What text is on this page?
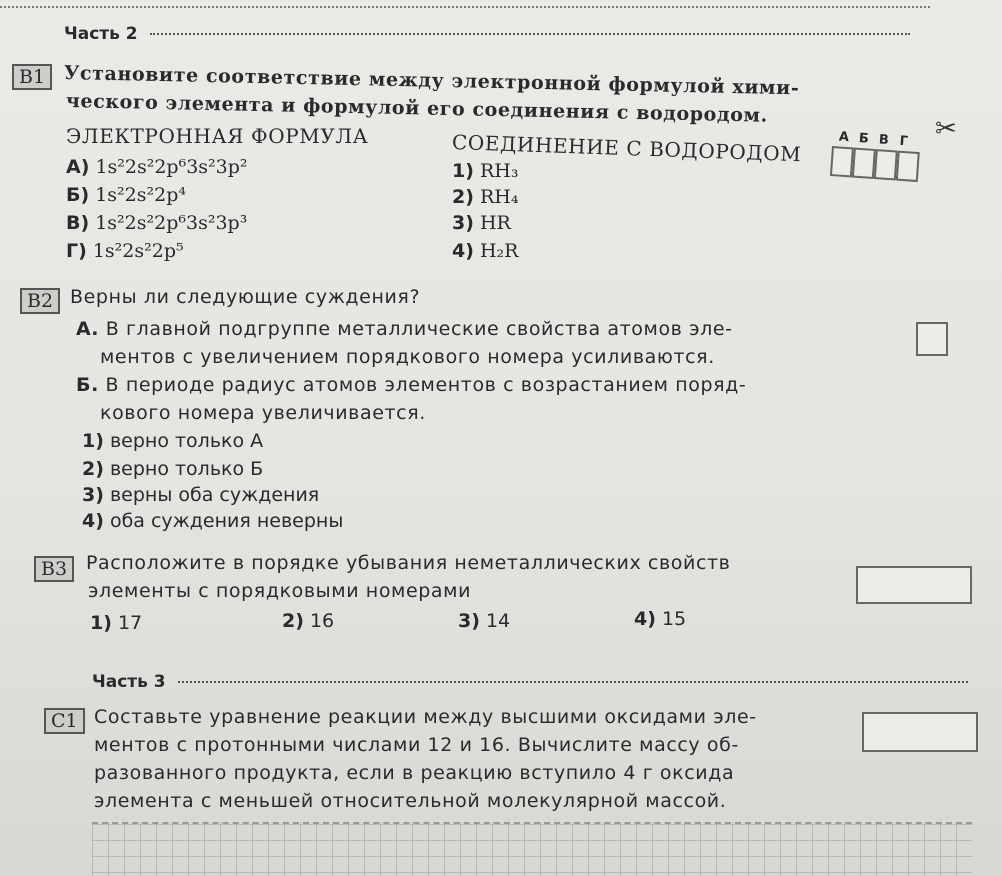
Часть 2
B1 Установите соответствие между электронной формулой хими-
ческого элемента и формулой его соединения с водородом.
ЭЛЕКТРОННАЯ ФОРМУЛА	СОЕДИНЕНИЕ С ВОДОРОДОМ
А) 1s²2s²2p⁶3s²3p²
Б) 1s²2s²2p⁴
В) 1s²2s²2p⁶3s²3p³
Г) 1s²2s²2p⁵
1) RH₃
2) RH₄
3) HR
4) H₂R
А Б В Г ✂
B2 Верны ли следующие суждения?
А. В главной подгруппе металлические свойства атомов эле-
ментов с увеличением порядкового номера усиливаются.
Б. В периоде радиус атомов элементов с возрастанием поряд-
кового номера увеличивается.
1) верно только А
2) верно только Б
3) верны оба суждения
4) оба суждения неверны
B3 Расположите в порядке убывания неметаллических свойств
элементы с порядковыми номерами
1) 17	2) 16	3) 14	4) 15
Часть 3
C1 Составьте уравнение реакции между высшими оксидами эле-
ментов с протонными числами 12 и 16. Вычислите массу об-
разованного продукта, если в реакцию вступило 4 г оксида
элемента с меньшей относительной молекулярной массой.
